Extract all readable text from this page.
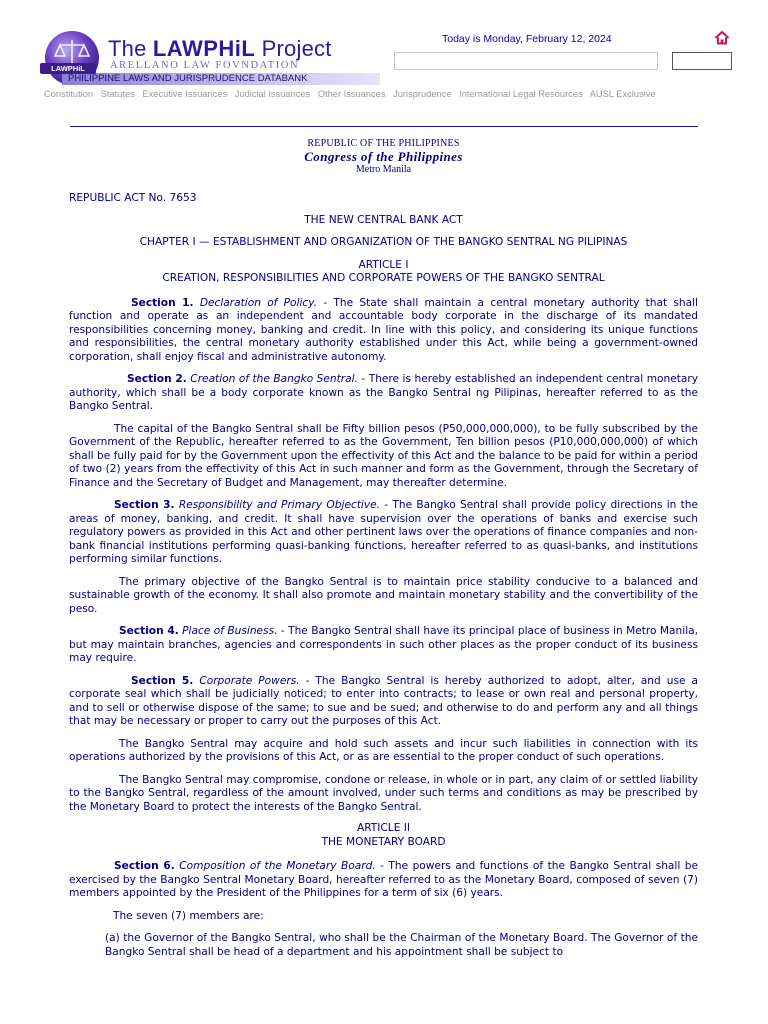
LAWPHiL
The LAWPHiL Project
ARELLANO LAW FOVNDATION
PHILIPPINE LAWS AND JURISPRUDENCE DATABANK
Today is Monday, February 12, 2024
Constitution Statutes Executive Issuances Judicial Issuances Other Issuances Jurisprudence International Legal Resources AUSL Exclusive
REPUBLIC OF THE PHILIPPINES
Congress of the Philippines
Metro Manila

REPUBLIC ACT No. 7653

THE NEW CENTRAL BANK ACT

CHAPTER I — ESTABLISHMENT AND ORGANIZATION OF THE BANGKO SENTRAL NG PILIPINAS

ARTICLE I

CREATION, RESPONSIBILITIES AND CORPORATE POWERS OF THE BANGKO SENTRAL

Section 1. Declaration of Policy. - The State shall maintain a central monetary authority that shall function and operate as an independent and accountable body corporate in the discharge of its mandated responsibilities concerning money, banking and credit. In line with this policy, and considering its unique functions and responsibilities, the central monetary authority established under this Act, while being a government-owned corporation, shall enjoy fiscal and administrative autonomy.

Section 2. Creation of the Bangko Sentral. - There is hereby established an independent central monetary authority, which shall be a body corporate known as the Bangko Sentral ng Pilipinas, hereafter referred to as the Bangko Sentral.

The capital of the Bangko Sentral shall be Fifty billion pesos (P50,000,000,000), to be fully subscribed by the Government of the Republic, hereafter referred to as the Government, Ten billion pesos (P10,000,000,000) of which shall be fully paid for by the Government upon the effectivity of this Act and the balance to be paid for within a period of two (2) years from the effectivity of this Act in such manner and form as the Government, through the Secretary of Finance and the Secretary of Budget and Management, may thereafter determine.

Section 3. Responsibility and Primary Objective. - The Bangko Sentral shall provide policy directions in the areas of money, banking, and credit. It shall have supervision over the operations of banks and exercise such regulatory powers as provided in this Act and other pertinent laws over the operations of finance companies and non-bank financial institutions performing quasi-banking functions, hereafter referred to as quasi-banks, and institutions performing similar functions.

The primary objective of the Bangko Sentral is to maintain price stability conducive to a balanced and sustainable growth of the economy. It shall also promote and maintain monetary stability and the convertibility of the peso.

Section 4. Place of Business. - The Bangko Sentral shall have its principal place of business in Metro Manila, but may maintain branches, agencies and correspondents in such other places as the proper conduct of its business may require.

Section 5. Corporate Powers. - The Bangko Sentral is hereby authorized to adopt, alter, and use a corporate seal which shall be judicially noticed; to enter into contracts; to lease or own real and personal property, and to sell or otherwise dispose of the same; to sue and be sued; and otherwise to do and perform any and all things that may be necessary or proper to carry out the purposes of this Act.

The Bangko Sentral may acquire and hold such assets and incur such liabilities in connection with its operations authorized by the provisions of this Act, or as are essential to the proper conduct of such operations.

The Bangko Sentral may compromise, condone or release, in whole or in part, any claim of or settled liability to the Bangko Sentral, regardless of the amount involved, under such terms and conditions as may be prescribed by the Monetary Board to protect the interests of the Bangko Sentral.

ARTICLE II

THE MONETARY BOARD

Section 6. Composition of the Monetary Board. - The powers and functions of the Bangko Sentral shall be exercised by the Bangko Sentral Monetary Board, hereafter referred to as the Monetary Board, composed of seven (7) members appointed by the President of the Philippines for a term of six (6) years.

The seven (7) members are:

(a) the Governor of the Bangko Sentral, who shall be the Chairman of the Monetary Board. The Governor of the Bangko Sentral shall be head of a department and his appointment shall be subject to
